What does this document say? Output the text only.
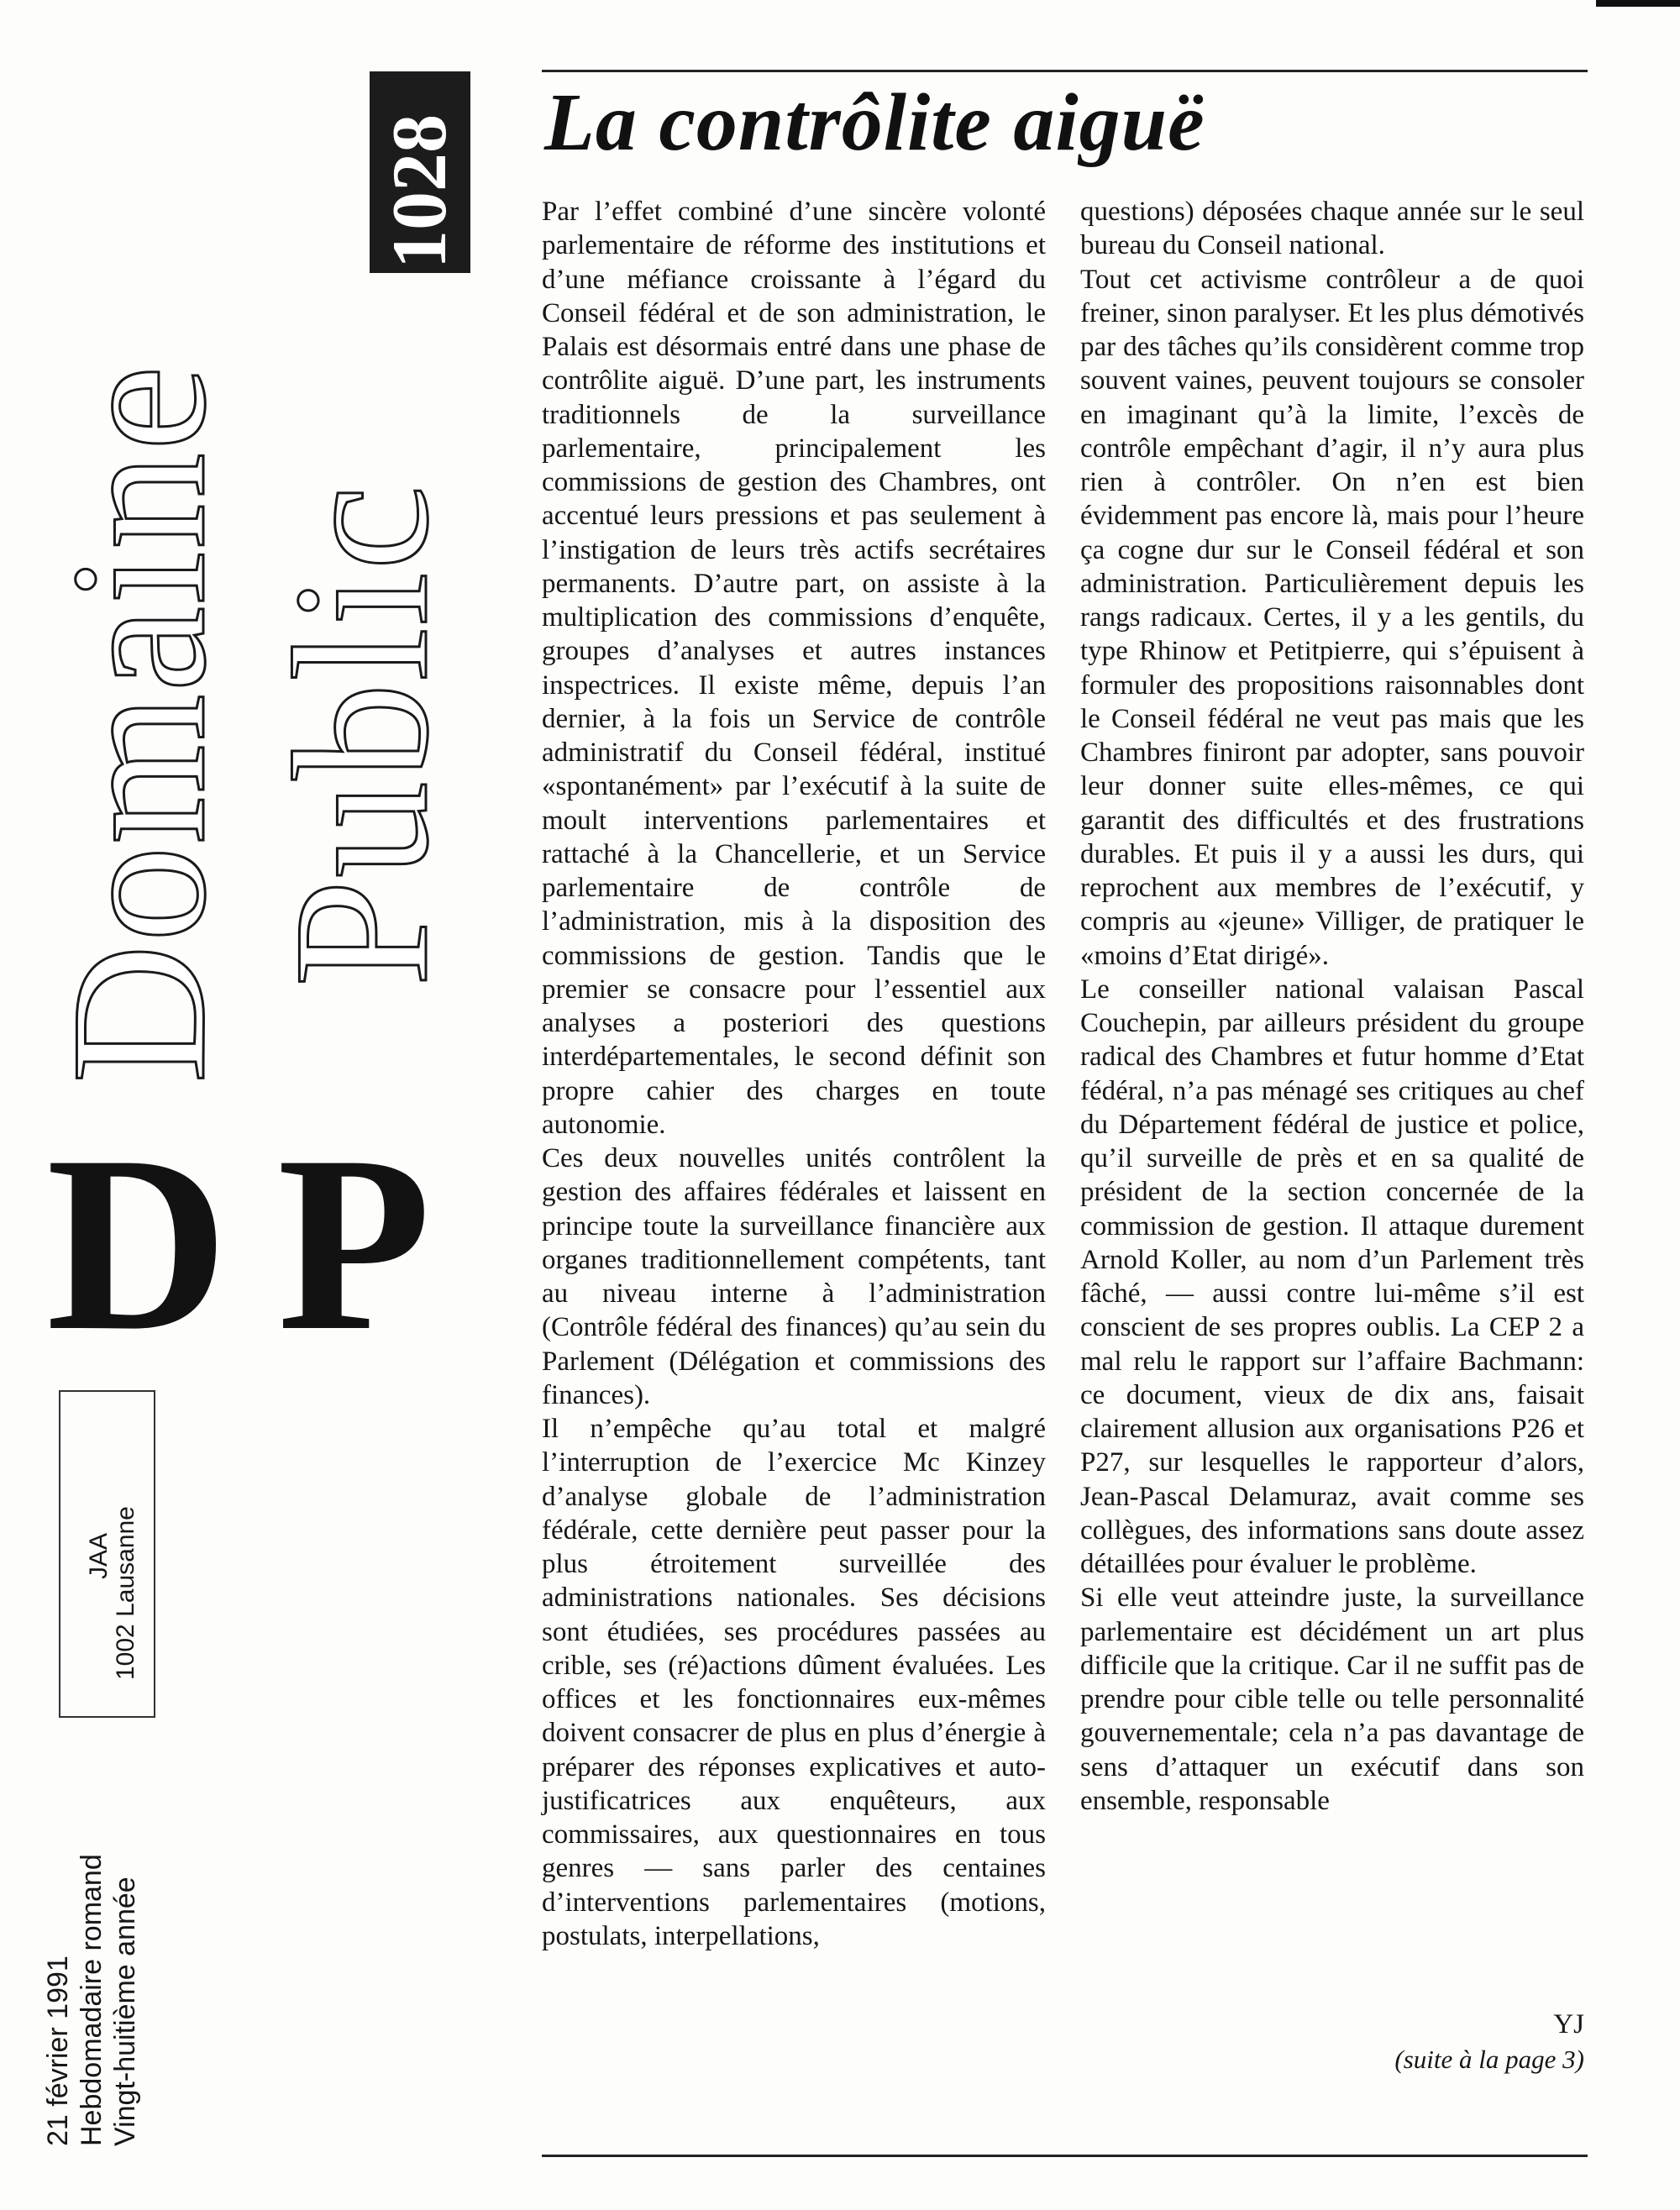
Domaine Public
1028
D P
JAA 1002 Lausanne
21 février 1991 Hebdomadaire romand Vingt-huitième année
La contrôlite aiguë

Par l’effet combiné d’une sincère volonté parlementaire de réforme des institutions et d’une méfiance croissante à l’égard du Conseil fédéral et de son administration, le Palais est désormais entré dans une phase de contrôlite aiguë. D’une part, les instruments traditionnels de la surveillance parlementaire, principalement les commissions de gestion des Chambres, ont accentué leurs pressions et pas seulement à l’instigation de leurs très actifs secrétaires permanents. D’autre part, on assiste à la multiplication des commissions d’enquête, groupes d’analyses et autres instances inspectrices. Il existe même, depuis l’an dernier, à la fois un Service de contrôle administratif du Conseil fédéral, institué «spontanément» par l’exécutif à la suite de moult interventions parlementaires et rattaché à la Chancellerie, et un Service parlementaire de contrôle de l’administration, mis à la disposition des commissions de gestion. Tandis que le premier se consacre pour l’essentiel aux analyses a posteriori des questions interdépartementales, le second définit son propre cahier des charges en toute autonomie.

Ces deux nouvelles unités contrôlent la gestion des affaires fédérales et laissent en principe toute la surveillance financière aux organes traditionnellement compétents, tant au niveau interne à l’administration (Contrôle fédéral des finances) qu’au sein du Parlement (Délégation et commissions des finances).

Il n’empêche qu’au total et malgré l’interruption de l’exercice Mc Kinzey d’analyse globale de l’administration fédérale, cette dernière peut passer pour la plus étroitement surveillée des administrations nationales. Ses décisions sont étudiées, ses procédures passées au crible, ses (ré)actions dûment évaluées. Les offices et les fonctionnaires eux-mêmes doivent consacrer de plus en plus d’énergie à préparer des réponses explicatives et auto-justificatrices aux enquêteurs, aux commissaires, aux questionnaires en tous genres — sans parler des centaines d’interventions parlementaires (motions, postulats, interpellations,

questions) déposées chaque année sur le seul bureau du Conseil national.

Tout cet activisme contrôleur a de quoi freiner, sinon paralyser. Et les plus démotivés par des tâches qu’ils considèrent comme trop souvent vaines, peuvent toujours se consoler en imaginant qu’à la limite, l’excès de contrôle empêchant d’agir, il n’y aura plus rien à contrôler. On n’en est bien évidemment pas encore là, mais pour l’heure ça cogne dur sur le Conseil fédéral et son administration. Particulièrement depuis les rangs radicaux. Certes, il y a les gentils, du type Rhinow et Petitpierre, qui s’épuisent à formuler des propositions raisonnables dont le Conseil fédéral ne veut pas mais que les Chambres finiront par adopter, sans pouvoir leur donner suite elles-mêmes, ce qui garantit des difficultés et des frustrations durables. Et puis il y a aussi les durs, qui reprochent aux membres de l’exécutif, y compris au «jeune» Villiger, de pratiquer le «moins d’Etat dirigé».

Le conseiller national valaisan Pascal Couchepin, par ailleurs président du groupe radical des Chambres et futur homme d’Etat fédéral, n’a pas ménagé ses critiques au chef du Département fédéral de justice et police, qu’il surveille de près et en sa qualité de président de la section concernée de la commission de gestion. Il attaque durement Arnold Koller, au nom d’un Parlement très fâché, — aussi contre lui-même s’il est conscient de ses propres oublis. La CEP 2 a mal relu le rapport sur l’affaire Bachmann: ce document, vieux de dix ans, faisait clairement allusion aux organisations P26 et P27, sur lesquelles le rapporteur d’alors, Jean-Pascal Delamuraz, avait comme ses collègues, des informations sans doute assez détaillées pour évaluer le problème.

Si elle veut atteindre juste, la surveillance parlementaire est décidément un art plus difficile que la critique. Car il ne suffit pas de prendre pour cible telle ou telle personnalité gouvernementale; cela n’a pas davantage de sens d’attaquer un exécutif dans son ensemble, responsable

YJ
(suite à la page 3)
